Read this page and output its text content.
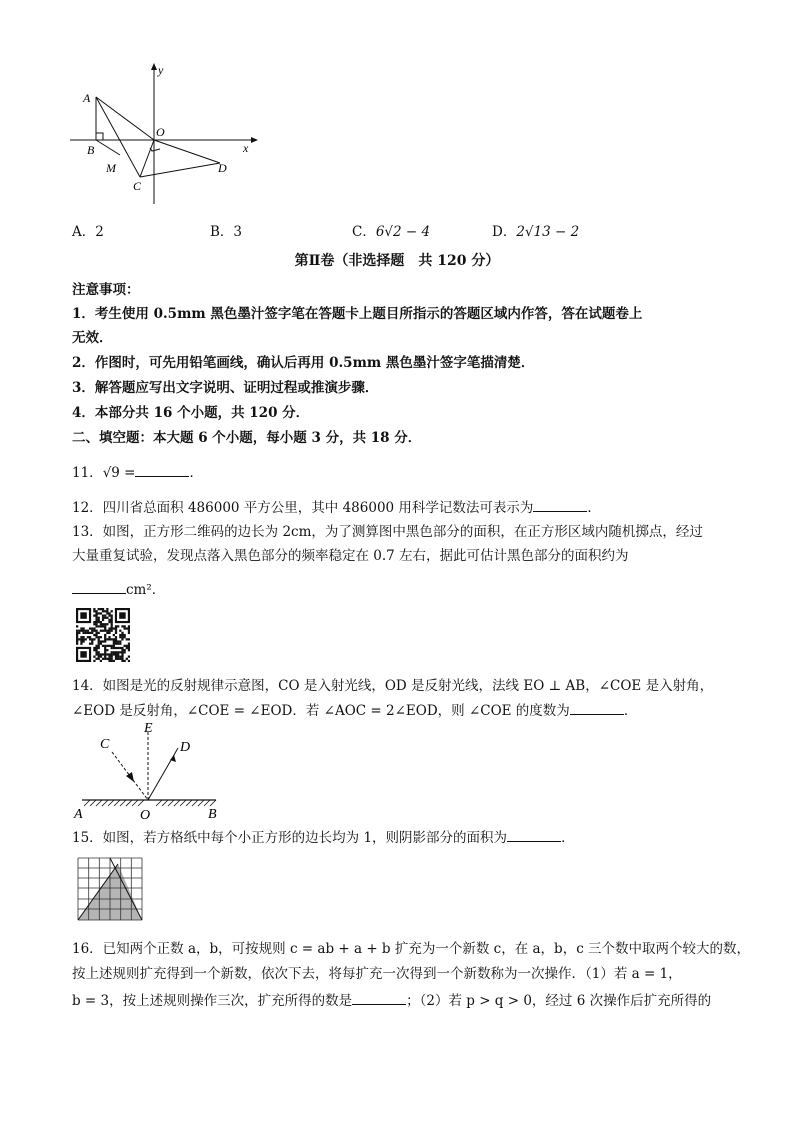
A
B
M
C
O
D
x
y
A．2	B．3	C．6√2 − 4	D．2√13 − 2
第Ⅱ卷（非选择题　共 120 分）
注意事项：
1．考生使用 0.5mm 黑色墨汁签字笔在答题卡上题目所指示的答题区域内作答，答在试题卷上
无效．
2．作图时，可先用铅笔画线，确认后再用 0.5mm 黑色墨汁签字笔描清楚．
3．解答题应写出文字说明、证明过程或推演步骤．
4．本部分共 16 个小题，共 120 分．
二、填空题：本大题 6 个小题，每小题 3 分，共 18 分．
11．√9 =	．
12．四川省总面积 486000 平方公里，其中 486000 用科学记数法可表示为	．
13．如图，正方形二维码的边长为 2cm，为了测算图中黑色部分的面积，在正方形区域内随机掷点，经过
大量重复试验，发现点落入黑色部分的频率稳定在 0.7 左右，据此可估计黑色部分的面积约为
cm²．
14．如图是光的反射规律示意图，CO 是入射光线，OD 是反射光线，法线 EO ⊥ AB，∠COE 是入射角，
∠EOD 是反射角，∠COE = ∠EOD．若 ∠AOC = 2∠EOD，则 ∠COE 的度数为	．
C
E
D
A	O	B
15．如图，若方格纸中每个小正方形的边长均为 1，则阴影部分的面积为	．
16．已知两个正数 a，b，可按规则 c = ab + a + b 扩充为一个新数 c，在 a，b，c 三个数中取两个较大的数，
按上述规则扩充得到一个新数，依次下去，将每扩充一次得到一个新数称为一次操作．（1）若 a = 1，
b = 3，按上述规则操作三次，扩充所得的数是	；（2）若 p > q > 0，经过 6 次操作后扩充所得的
